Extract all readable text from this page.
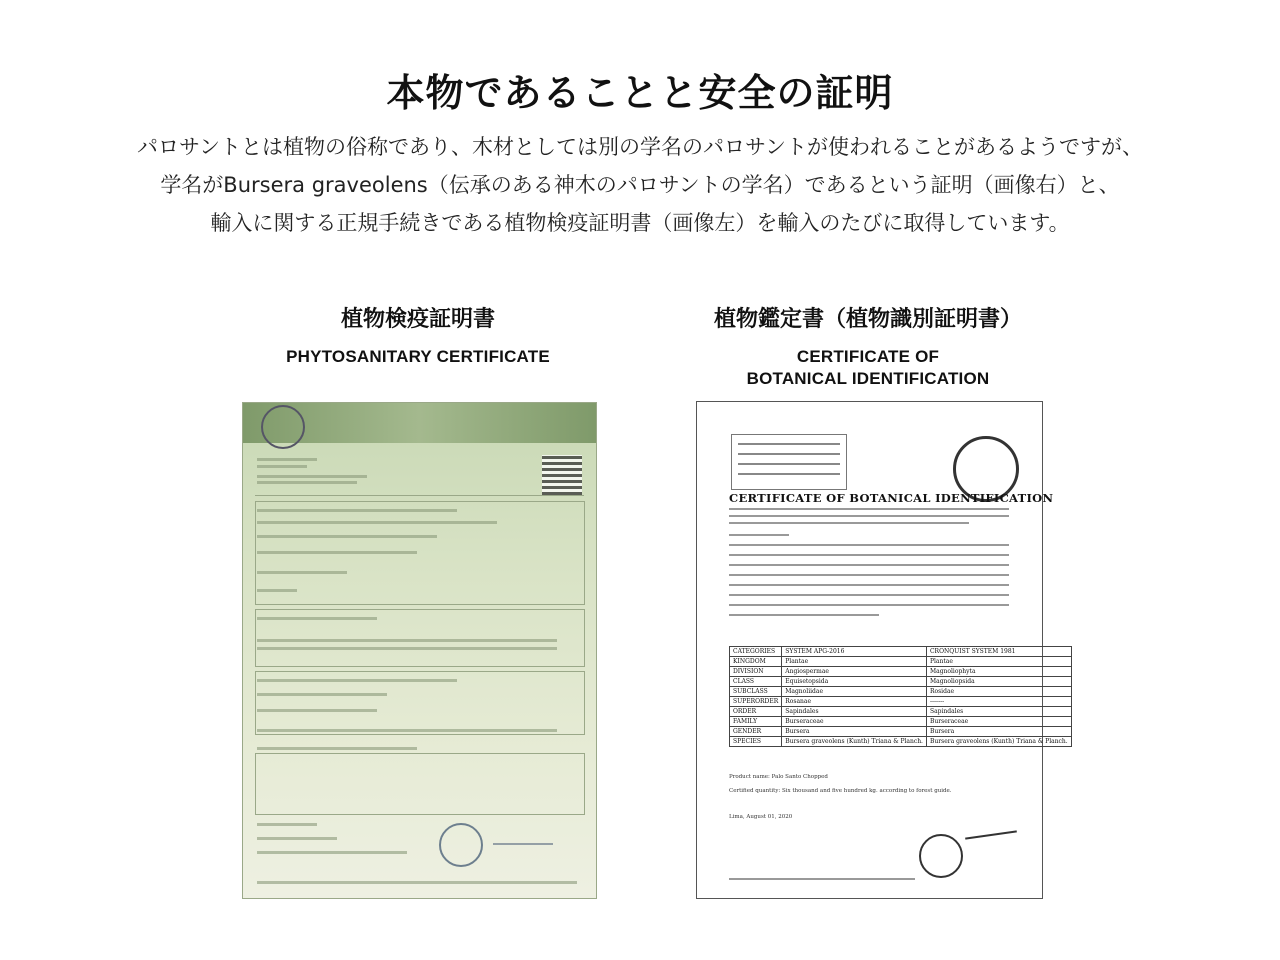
本物であることと安全の証明
パロサントとは植物の俗称であり、木材としては別の学名のパロサントが使われることがあるようですが、
学名がBursera graveolens（伝承のある神木のパロサントの学名）であるという証明（画像右）と、
輸入に関する正規手続きである植物検疫証明書（画像左）を輸入のたびに取得しています。
植物検疫証明書
PHYTOSANITARY CERTIFICATE
植物鑑定書（植物識別証明書）
CERTIFICATE OF
BOTANICAL IDENTIFICATION
CERTIFICATE OF BOTANICAL IDENTIFICATION
CATEGORIES	SYSTEM APG-2016	CRONQUIST SYSTEM 1981
KINGDOM	Plantae	Plantae
DIVISION	Angiospermae	Magnoliophyta
CLASS	Equisetopsida	Magnoliopsida
SUBCLASS	Magnoliidae	Rosidae
SUPERORDER	Rosanae	-------
ORDER	Sapindales	Sapindales
FAMILY	Burseraceae	Burseraceae
GENDER	Bursera	Bursera
SPECIES	Bursera graveolens (Kunth) Triana & Planch.	Bursera graveolens (Kunth) Triana & Planch.
Product name: Palo Santo Chopped
Certified quantity: Six thousand and five hundred kg. according to forest guide.
Lima, August 01, 2020
